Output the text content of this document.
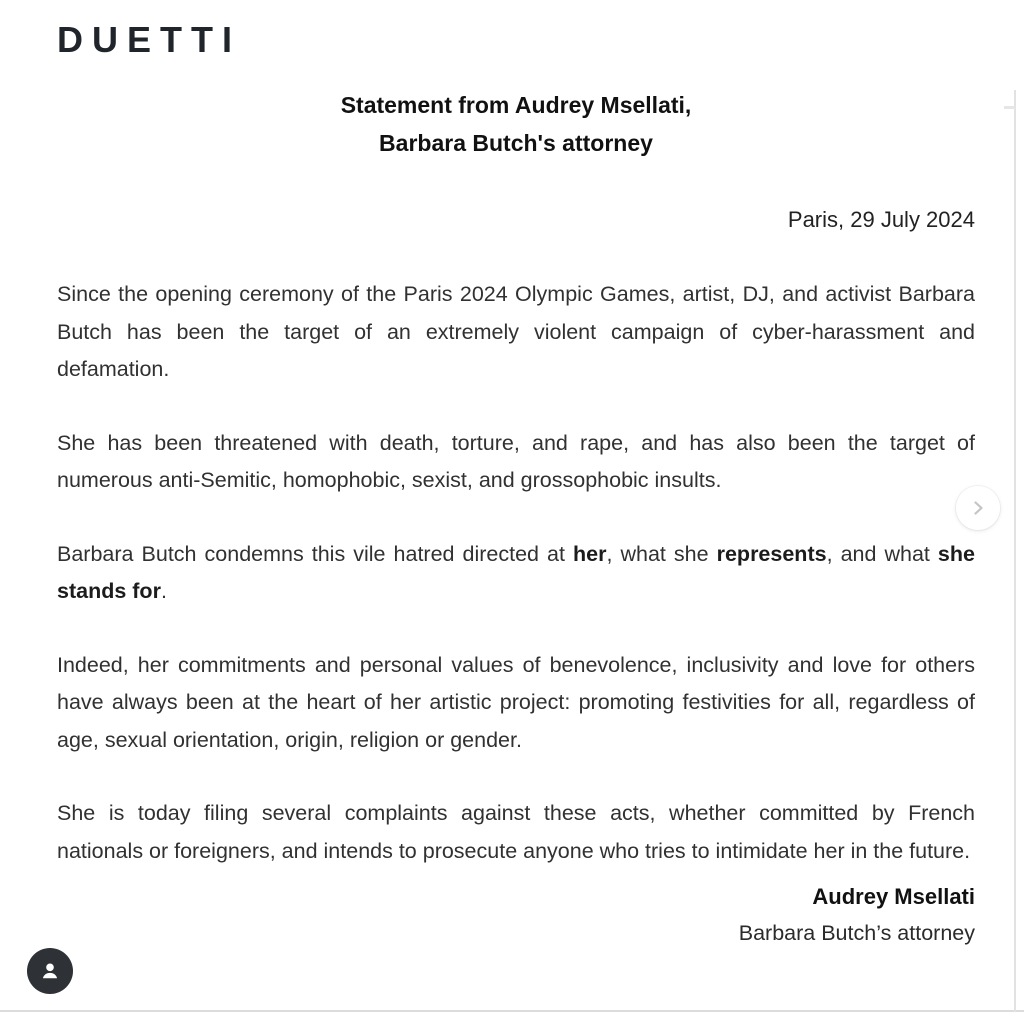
DUETTI
Statement from Audrey Msellati,
Barbara Butch's attorney
Paris, 29 July 2024

Since the opening ceremony of the Paris 2024 Olympic Games, artist, DJ, and activist Barbara Butch has been the target of an extremely violent campaign of cyber-harassment and defamation.

She has been threatened with death, torture, and rape, and has also been the target of numerous anti-Semitic, homophobic, sexist, and grossophobic insults.

Barbara Butch condemns this vile hatred directed at her, what she represents, and what she stands for.

Indeed, her commitments and personal values of benevolence, inclusivity and love for others have always been at the heart of her artistic project: promoting festivities for all, regardless of age, sexual orientation, origin, religion or gender.

She is today filing several complaints against these acts, whether committed by French nationals or foreigners, and intends to prosecute anyone who tries to intimidate her in the future.

Audrey Msellati
Barbara Butch’s attorney
